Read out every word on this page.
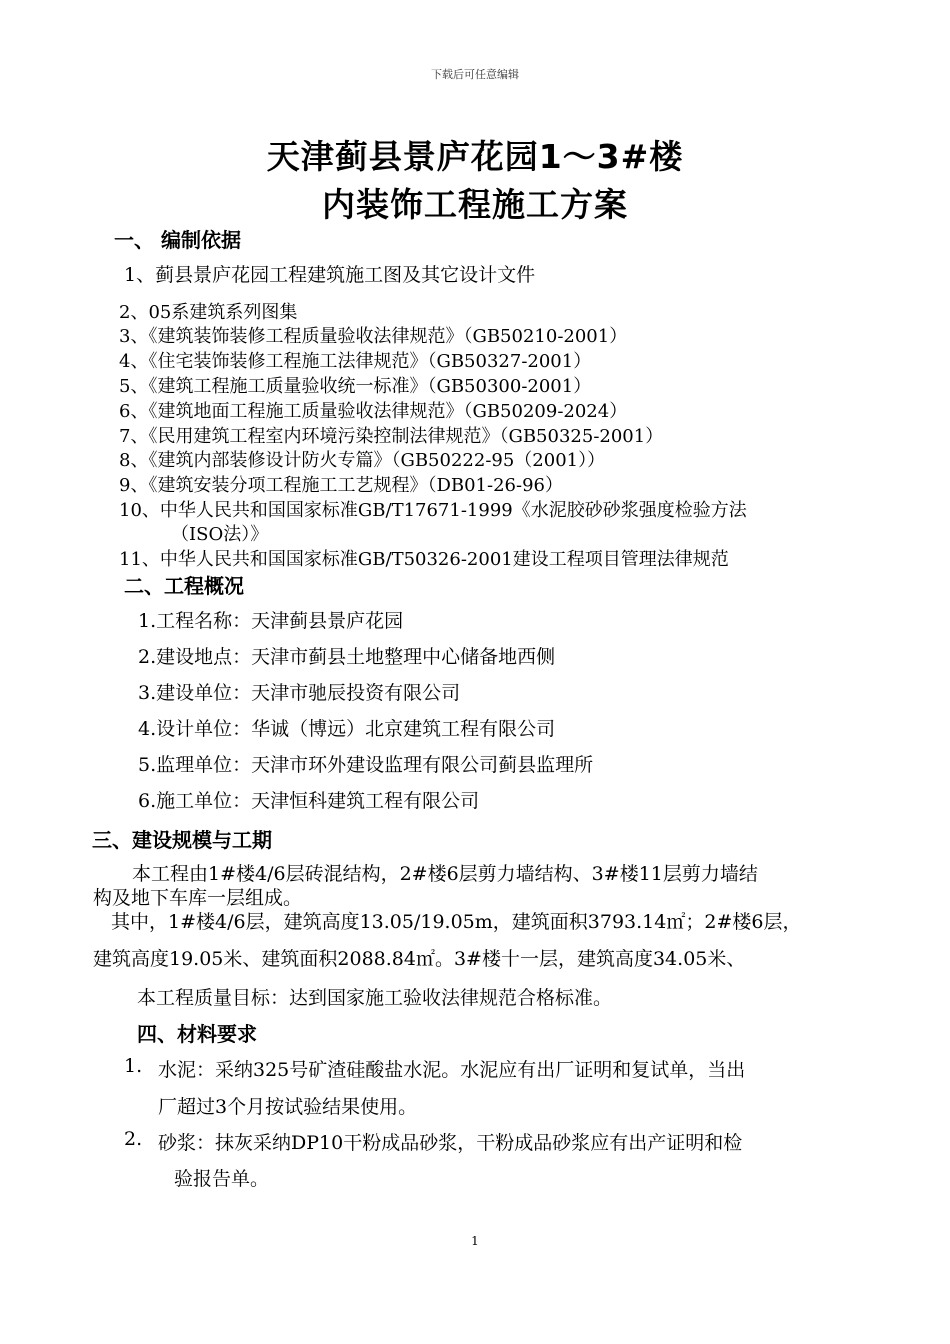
下载后可任意编辑
天津蓟县景庐花园1～3#楼
内装饰工程施工方案
一、 编制依据
1、蓟县景庐花园工程建筑施工图及其它设计文件
2、05系建筑系列图集
3、《建筑装饰装修工程质量验收法律规范》（GB50210-2001）
4、《住宅装饰装修工程施工法律规范》（GB50327-2001）
5、《建筑工程施工质量验收统一标准》（GB50300-2001）
6、《建筑地面工程施工质量验收法律规范》（GB50209-2024）
7、《民用建筑工程室内环境污染控制法律规范》（GB50325-2001）
8、《建筑内部装修设计防火专篇》（GB50222-95（2001））
9、《建筑安装分项工程施工工艺规程》（DB01-26-96）
10、中华人民共和国国家标准GB/T17671-1999《水泥胶砂砂浆强度检验方法
（ISO法）》
11、中华人民共和国国家标准GB/T50326-2001建设工程项目管理法律规范
二、工程概况
1.工程名称：天津蓟县景庐花园
2.建设地点：天津市蓟县土地整理中心储备地西侧
3.建设单位：天津市驰辰投资有限公司
4.设计单位：华诚（博远）北京建筑工程有限公司
5.监理单位：天津市环外建设监理有限公司蓟县监理所
6.施工单位：天津恒科建筑工程有限公司
三、建设规模与工期
本工程由1#楼4/6层砖混结构，2#楼6层剪力墙结构、3#楼11层剪力墙结
构及地下车库一层组成。
其中，1#楼4/6层，建筑高度13.05/19.05m，建筑面积3793.14㎡；2#楼6层，
建筑高度19.05米、建筑面积2088.84㎡。3#楼十一层，建筑高度34.05米、
本工程质量目标：达到国家施工验收法律规范合格标准。
四、材料要求
1. 水泥：采纳325号矿渣硅酸盐水泥。水泥应有出厂证明和复试单，当出
厂超过3个月按试验结果使用。
2. 砂浆：抹灰采纳DP10干粉成品砂浆，干粉成品砂浆应有出产证明和检
验报告单。
1
